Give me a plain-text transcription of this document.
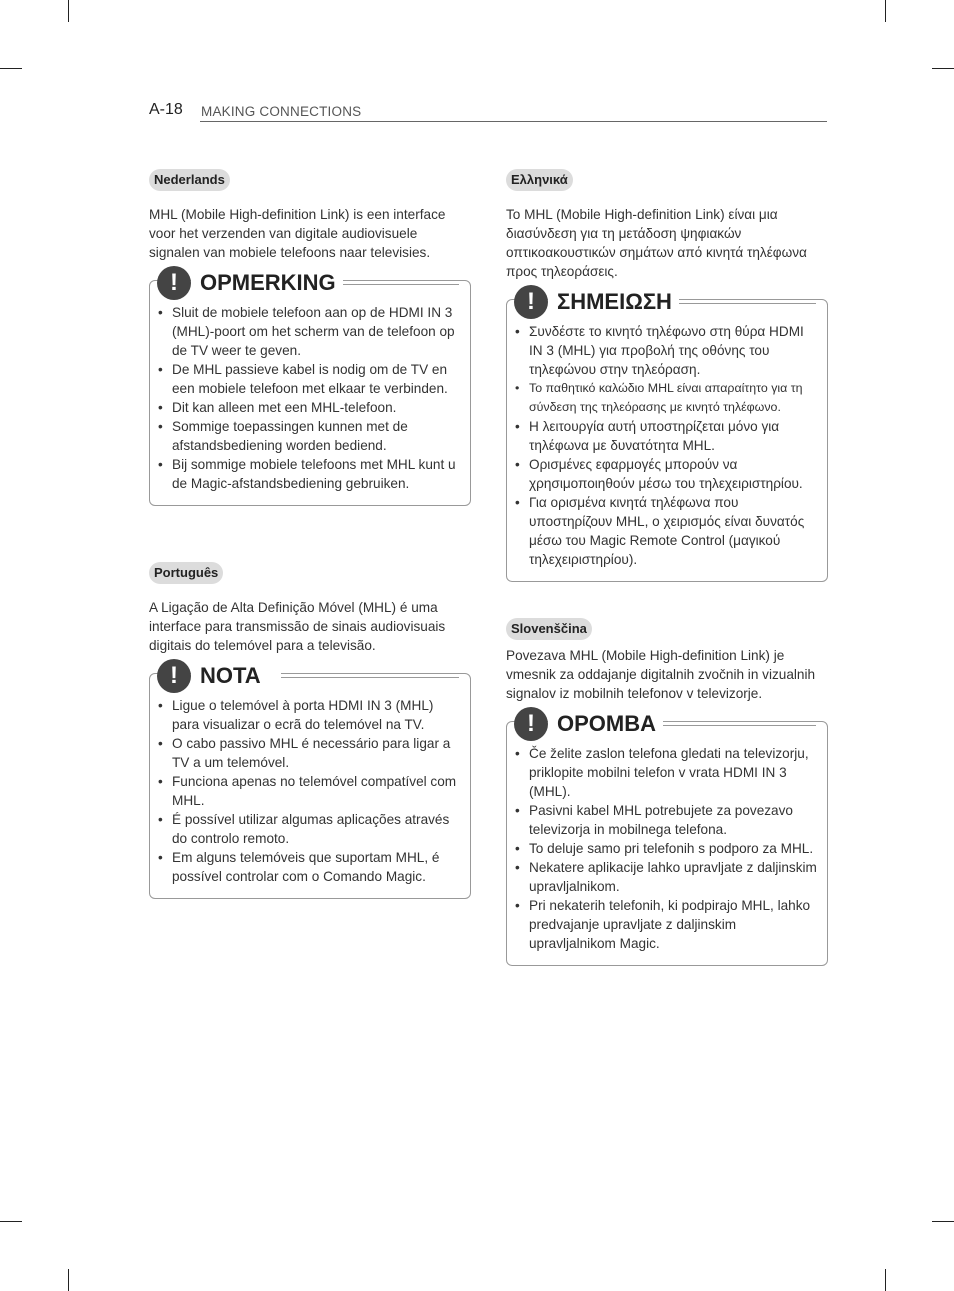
A-18 MAKING CONNECTIONS
Nederlands

MHL (Mobile High-definition Link) is een interface voor het verzenden van digitale audiovisuele signalen van mobiele telefoons naar televisies.

!	OPMERKING
• Sluit de mobiele telefoon aan op de HDMI IN 3 (MHL)-poort om het scherm van de telefoon op de TV weer te geven.
• De MHL passieve kabel is nodig om de TV en een mobiele telefoon met elkaar te verbinden.
• Dit kan alleen met een MHL-telefoon.
• Sommige toepassingen kunnen met de afstandsbediening worden bediend.
• Bij sommige mobiele telefoons met MHL kunt u de Magic-afstandsbediening gebruiken.
Português

A Ligação de Alta Definição Móvel (MHL) é uma interface para transmissão de sinais audiovisuais digitais do telemóvel para a televisão.

!	NOTA
• Ligue o telemóvel à porta HDMI IN 3 (MHL) para visualizar o ecrã do telemóvel na TV.
• O cabo passivo MHL é necessário para ligar a TV a um telemóvel.
• Funciona apenas no telemóvel compatível com MHL.
• É possível utilizar algumas aplicações através do controlo remoto.
• Em alguns telemóveis que suportam MHL, é possível controlar com o Comando Magic.
Ελληνικά

Το MHL (Mobile High-definition Link) είναι μια διασύνδεση για τη μετάδοση ψηφιακών οπτικοακουστικών σημάτων από κινητά τηλέφωνα προς τηλεοράσεις.

!	ΣΗΜΕΙΩΣΗ
• Συνδέστε το κινητό τηλέφωνο στη θύρα HDMI IN 3 (MHL) για προβολή της οθόνης του τηλεφώνου στην τηλεόραση.
• Το παθητικό καλώδιο MHL είναι απαραίτητο για τη σύνδεση της τηλεόρασης με κινητό τηλέφωνο.
• Η λειτουργία αυτή υποστηρίζεται μόνο για τηλέφωνα με δυνατότητα MHL.
• Ορισμένες εφαρμογές μπορούν να χρησιμοποιηθούν μέσω του τηλεχειριστηρίου.
• Για ορισμένα κινητά τηλέφωνα που υποστηρίζουν MHL, ο χειρισμός είναι δυνατός μέσω του Magic Remote Control (μαγικού τηλεχειριστηρίου).
Slovenščina

Povezava MHL (Mobile High-definition Link) je vmesnik za oddajanje digitalnih zvočnih in vizualnih signalov iz mobilnih telefonov v televizorje.

!	OPOMBA
• Če želite zaslon telefona gledati na televizorju, priklopite mobilni telefon v vrata HDMI IN 3 (MHL).
• Pasivni kabel MHL potrebujete za povezavo televizorja in mobilnega telefona.
• To deluje samo pri telefonih s podporo za MHL.
• Nekatere aplikacije lahko upravljate z daljinskim upravljalnikom.
• Pri nekaterih telefonih, ki podpirajo MHL, lahko predvajanje upravljate z daljinskim upravljalnikom Magic.
